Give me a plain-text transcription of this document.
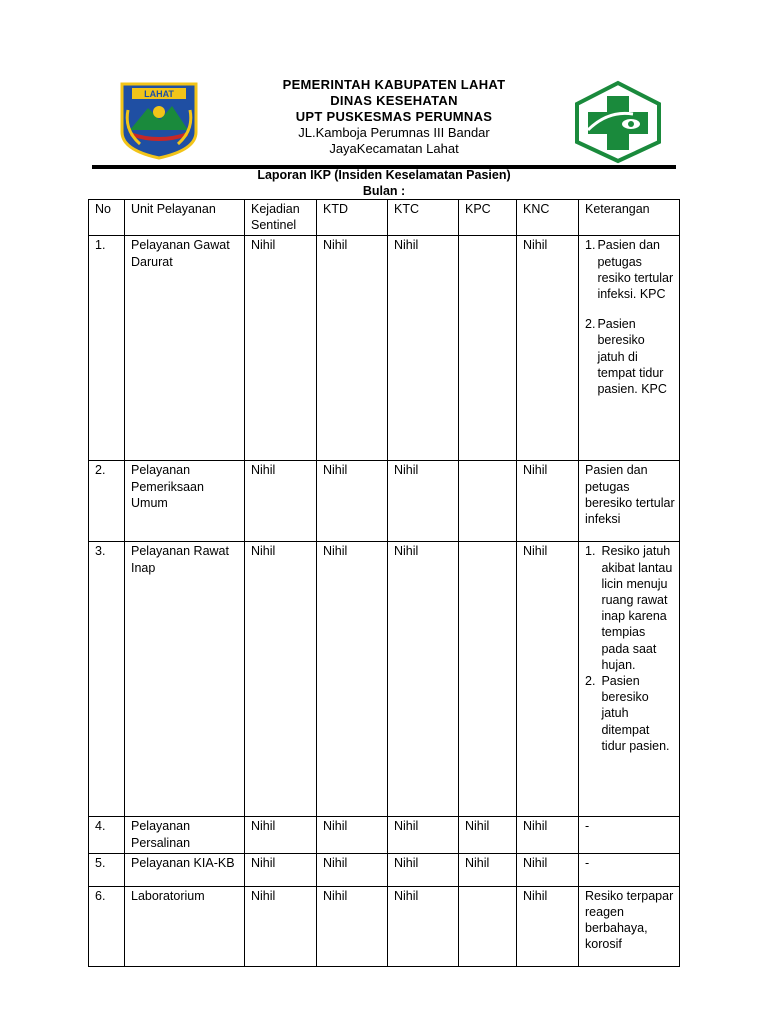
LAHAT
PEMERINTAH KABUPATEN LAHAT
DINAS KESEHATAN
UPT PUSKESMAS PERUMNAS
JL.Kamboja Perumnas III Bandar
JayaKecamatan Lahat
Laporan IKP (Insiden Keselamatan Pasien)
Bulan :
No	Unit Pelayanan	Kejadian Sentinel	KTD	KTC	KPC	KNC	Keterangan
1.	Pelayanan Gawat Darurat	Nihil	Nihil	Nihil		Nihil	1. Pasien dan petugas resiko tertular infeksi. KPC
2. Pasien beresiko jatuh di tempat tidur pasien. KPC

2.	Pelayanan Pemeriksaan Umum	Nihil	Nihil	Nihil		Nihil	Pasien dan petugas beresiko tertular infeksi
3.	Pelayanan Rawat Inap	Nihil	Nihil	Nihil		Nihil	1. Resiko jatuh akibat lantau licin menuju ruang rawat inap karena tempias pada saat hujan.
2. Pasien beresiko jatuh ditempat tidur pasien.

4.	Pelayanan Persalinan	Nihil	Nihil	Nihil	Nihil	Nihil	-
5.	Pelayanan KIA-KB	Nihil	Nihil	Nihil	Nihil	Nihil	-
6.	Laboratorium	Nihil	Nihil	Nihil		Nihil	Resiko terpapar reagen berbahaya, korosif
